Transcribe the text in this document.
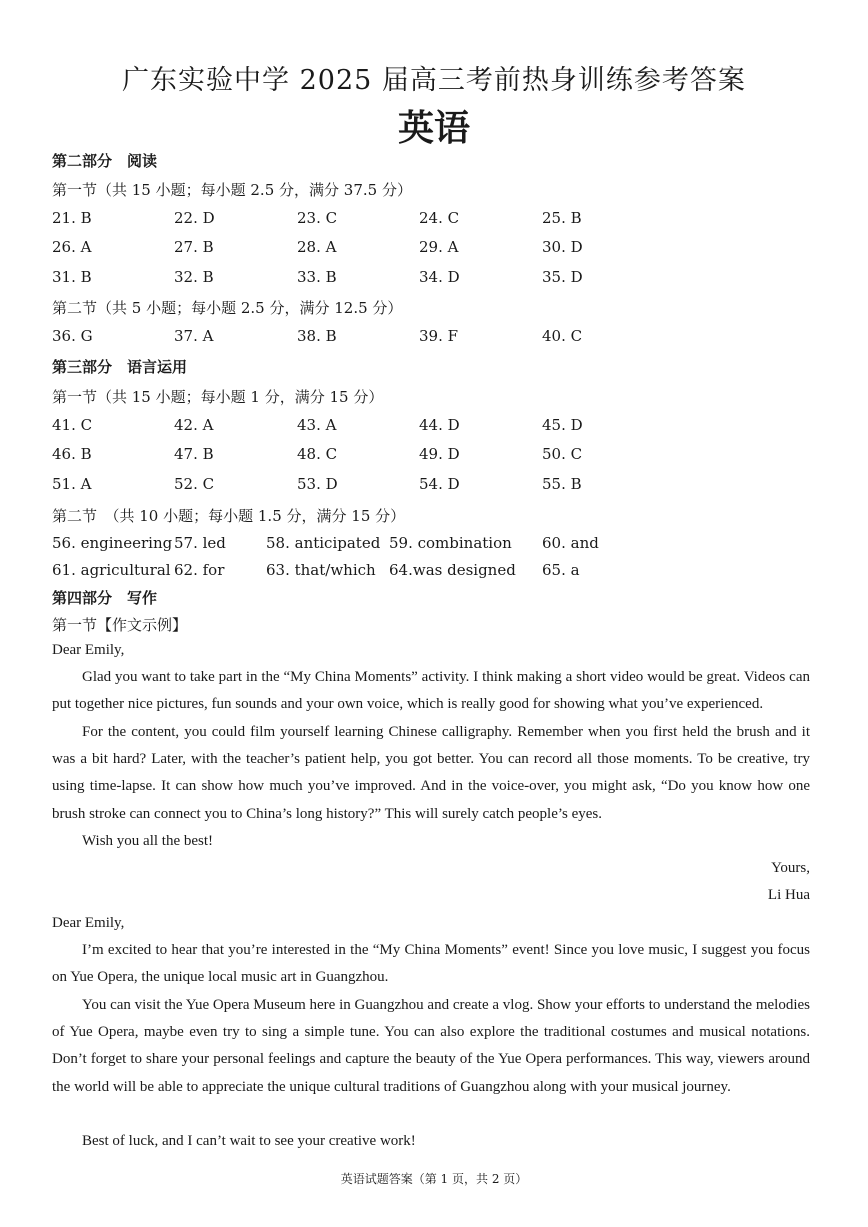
广东实验中学 2025 届高三考前热身训练参考答案
英语
第二部分　阅读
第一节（共 15 小题；每小题 2.5 分，满分 37.5 分）
21. B	22. D	23. C	24. C	25. B
26. A	27. B	28. A	29. A	30. D
31. B	32. B	33. B	34. D	35. D
第二节（共 5 小题；每小题 2.5 分，满分 12.5 分）
36. G	37. A	38. B	39. F	40. C
第三部分　语言运用
第一节（共 15 小题；每小题 1 分，满分 15 分）
41. C	42. A	43. A	44. D	45. D
46. B	47. B	48. C	49. D	50. C
51. A	52. C	53. D	54. D	55. B
第二节　（共 10 小题；每小题 1.5 分，满分 15 分）
56. engineering 57. led	58. anticipated 59. combination 60. and
61. agricultural 62. for	63. that/which 64.was designed 65. a
第四部分　写作
第一节【作文示例】
Dear Emily,
Glad you want to take part in the “My China Moments” activity. I think making a short video would be great. Videos can put together nice pictures, fun sounds and your own voice, which is really good for showing what you’ve experienced.
For the content, you could film yourself learning Chinese calligraphy. Remember when you first held the brush and it was a bit hard? Later, with the teacher’s patient help, you got better. You can record all those moments. To be creative, try using time-lapse. It can show how much you’ve improved. And in the voice-over, you might ask, “Do you know how one brush stroke can connect you to China’s long history?” This will surely catch people’s eyes.
Wish you all the best!
Yours,
Li Hua
Dear Emily,
I’m excited to hear that you’re interested in the “My China Moments” event! Since you love music, I suggest you focus on Yue Opera, the unique local music art in Guangzhou.
You can visit the Yue Opera Museum here in Guangzhou and create a vlog. Show your efforts to understand the melodies of Yue Opera, maybe even try to sing a simple tune. You can also explore the traditional costumes and musical notations. Don’t forget to share your personal feelings and capture the beauty of the Yue Opera performances. This way, viewers around the world will be able to appreciate the unique cultural traditions of Guangzhou along with your musical journey.
Best of luck, and I can’t wait to see your creative work!
英语试题答案（第 1 页，共 2 页）
